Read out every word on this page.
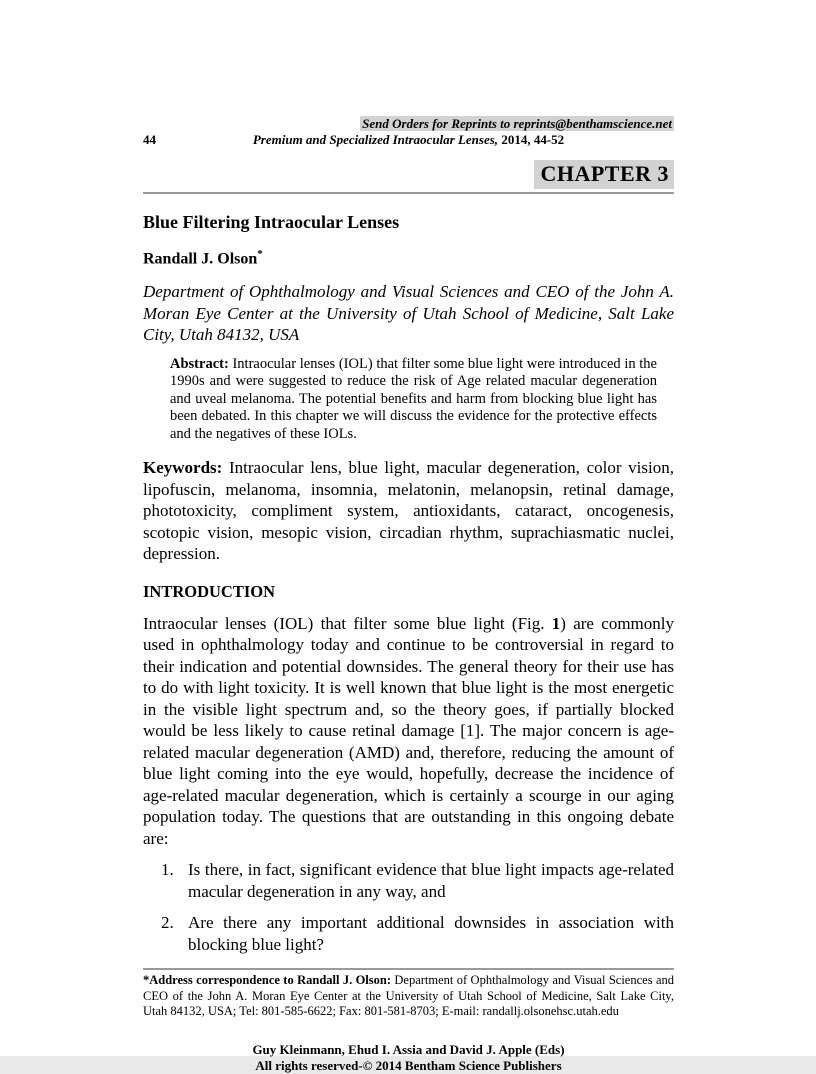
Send Orders for Reprints to reprints@benthamscience.net
44	Premium and Specialized Intraocular Lenses, 2014, 44-52
CHAPTER 3
Blue Filtering Intraocular Lenses
Randall J. Olson*

Department of Ophthalmology and Visual Sciences and CEO of the John A. Moran Eye Center at the University of Utah School of Medicine, Salt Lake City, Utah 84132, USA

Abstract: Intraocular lenses (IOL) that filter some blue light were introduced in the 1990s and were suggested to reduce the risk of Age related macular degeneration and uveal melanoma. The potential benefits and harm from blocking blue light has been debated. In this chapter we will discuss the evidence for the protective effects and the negatives of these IOLs.

Keywords: Intraocular lens, blue light, macular degeneration, color vision, lipofuscin, melanoma, insomnia, melatonin, melanopsin, retinal damage, phototoxicity, compliment system, antioxidants, cataract, oncogenesis, scotopic vision, mesopic vision, circadian rhythm, suprachiasmatic nuclei, depression.

INTRODUCTION

Intraocular lenses (IOL) that filter some blue light (Fig. 1) are commonly used in ophthalmology today and continue to be controversial in regard to their indication and potential downsides. The general theory for their use has to do with light toxicity. It is well known that blue light is the most energetic in the visible light spectrum and, so the theory goes, if partially blocked would be less likely to cause retinal damage [1]. The major concern is age-related macular degeneration (AMD) and, therefore, reducing the amount of blue light coming into the eye would, hopefully, decrease the incidence of age-related macular degeneration, which is certainly a scourge in our aging population today. The questions that are outstanding in this ongoing debate are:

1. Is there, in fact, significant evidence that blue light impacts age-related macular degeneration in any way, and
2. Are there any important additional downsides in association with blocking blue light?

*Address correspondence to Randall J. Olson: Department of Ophthalmology and Visual Sciences and CEO of the John A. Moran Eye Center at the University of Utah School of Medicine, Salt Lake City, Utah 84132, USA; Tel: 801-585-6622; Fax: 801-581-8703; E-mail: randallj.olsonehsc.utah.edu

Guy Kleinmann, Ehud I. Assia and David J. Apple (Eds)
All rights reserved-© 2014 Bentham Science Publishers
